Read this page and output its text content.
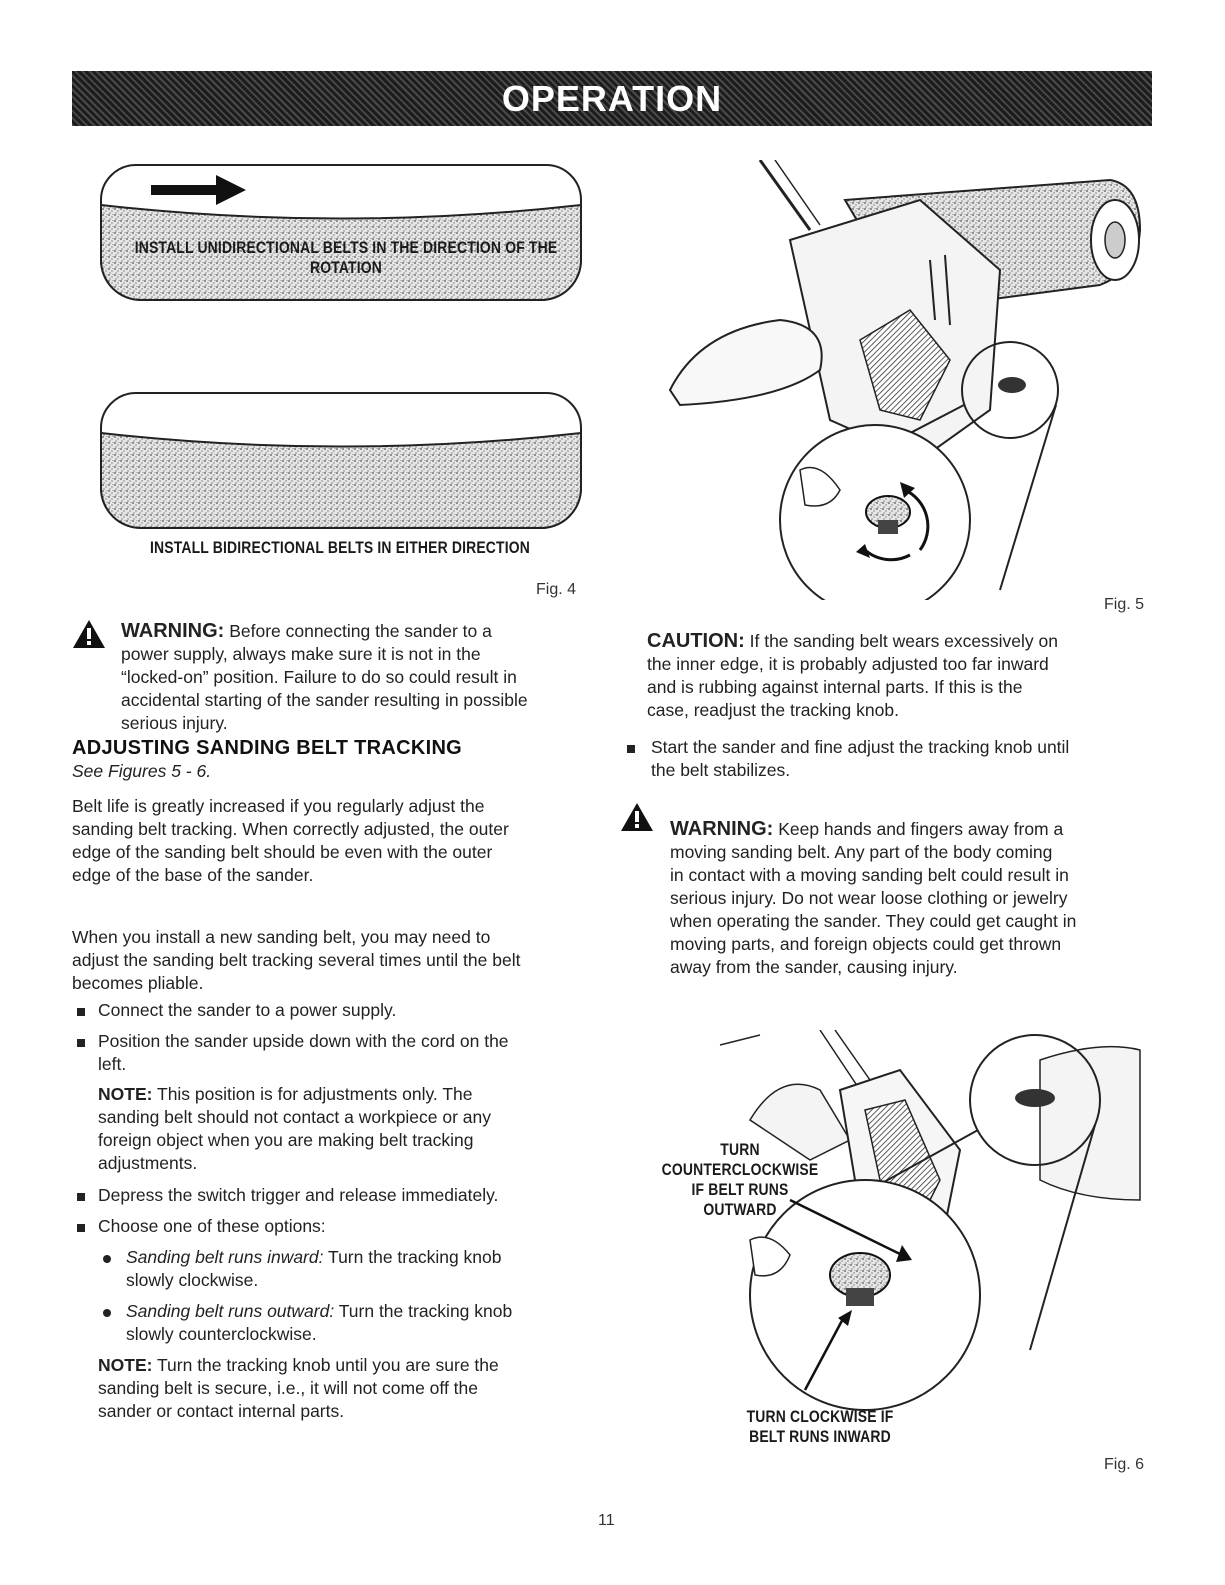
OPERATION
INSTALL UNIDIRECTIONAL BELTS IN THE DIRECTION OF THE
ROTATION
INSTALL BIDIRECTIONAL BELTS IN EITHER DIRECTION
Fig. 4
Fig. 5
WARNING: Before connecting the sander to a
power supply, always make sure it is not in the
“locked-on” position. Failure to do so could result in
accidental starting of the sander resulting in possible
serious injury.
ADJUSTING SANDING BELT TRACKING
See Figures 5 - 6.
Belt life is greatly increased if you regularly adjust the
sanding belt tracking. When correctly adjusted, the outer
edge of the sanding belt should be even with the outer
edge of the base of the sander.
When you install a new sanding belt, you may need to
adjust the sanding belt tracking several times until the belt
becomes pliable.
Connect the sander to a power supply.
Position the sander upside down with the cord on the
left.
NOTE: This position is for adjustments only. The
sanding belt should not contact a workpiece or any
foreign object when you are making belt tracking
adjustments.
Depress the switch trigger and release immediately.
Choose one of these options:
Sanding belt runs inward: Turn the tracking knob
slowly clockwise.
Sanding belt runs outward: Turn the tracking knob
slowly counterclockwise.
NOTE: Turn the tracking knob until you are sure the
sanding belt is secure, i.e., it will not come off the
sander or contact internal parts.
CAUTION: If the sanding belt wears excessively on
the inner edge, it is probably adjusted too far inward
and is rubbing against internal parts. If this is the
case, readjust the tracking knob.
Start the sander and fine adjust the tracking knob until
the belt stabilizes.
WARNING: Keep hands and fingers away from a
moving sanding belt. Any part of the body coming
in contact with a moving sanding belt could result in
serious injury. Do not wear loose clothing or jewelry
when operating the sander. They could get caught in
moving parts, and foreign objects could get thrown
away from the sander, causing injury.
TURN
COUNTERCLOCKWISE
IF BELT RUNS
OUTWARD
TURN CLOCKWISE IF
BELT RUNS INWARD
Fig. 6
11
